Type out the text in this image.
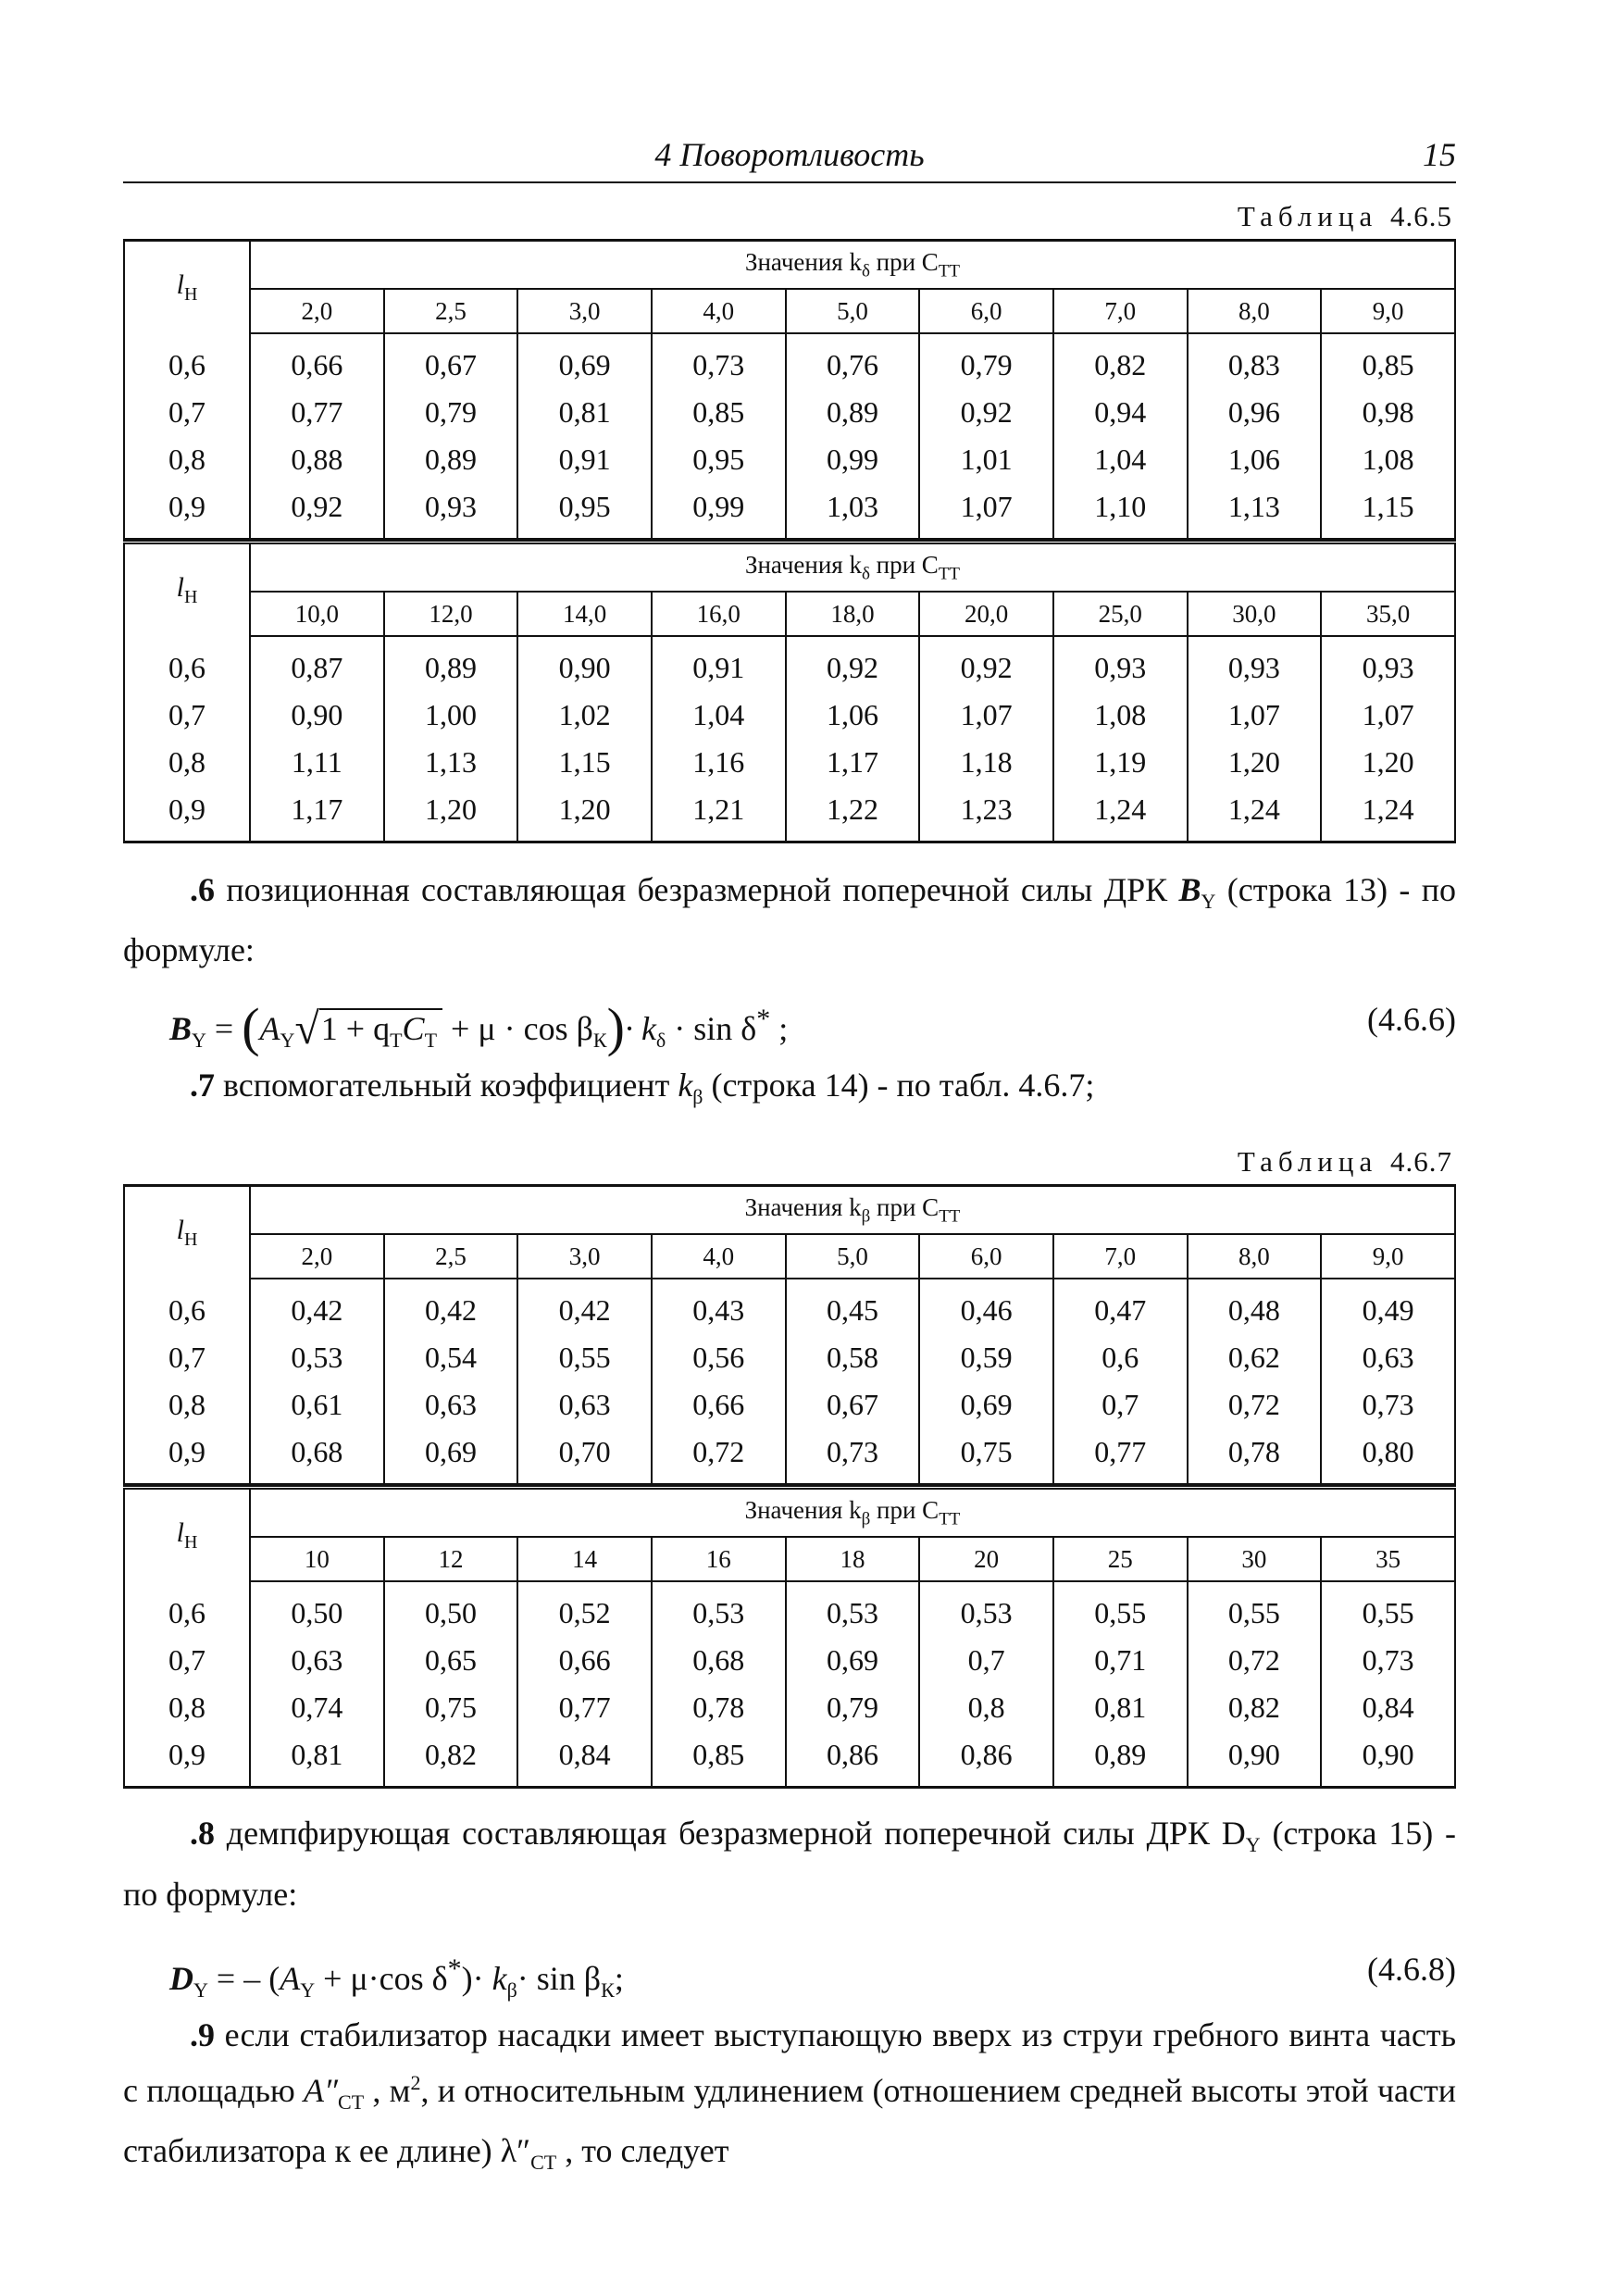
4 Поворотливость	15
Таблица 4.6.5
$l_Н$	Значения $k_\delta$ при $C_{ТТ}$
	2,0	2,5	3,0	4,0	5,0	6,0	7,0	8,0	9,0
0,6	0,66	0,67	0,69	0,73	0,76	0,79	0,82	0,83	0,85
0,7	0,77	0,79	0,81	0,85	0,89	0,92	0,94	0,96	0,98
0,8	0,88	0,89	0,91	0,95	0,99	1,01	1,04	1,06	1,08
0,9	0,92	0,93	0,95	0,99	1,03	1,07	1,10	1,13	1,15

$l_Н$	Значения $k_\delta$ при $C_{ТТ}$
	10,0	12,0	14,0	16,0	18,0	20,0	25,0	30,0	35,0
0,6	0,87	0,89	0,90	0,91	0,92	0,92	0,93	0,93	0,93
0,7	0,90	1,00	1,02	1,04	1,06	1,07	1,08	1,07	1,07
0,8	1,11	1,13	1,15	1,16	1,17	1,18	1,19	1,20	1,20
0,9	1,17	1,20	1,20	1,21	1,22	1,23	1,24	1,24	1,24

.6 позиционная составляющая безразмерной поперечной силы ДРК $B_Y$ (строка 13) - по формуле:

$B_Y = (A_Y√1 + q_ТC_Т + \mu \cdot \cos \beta_К)\cdot k_\delta \cdot \sin \delta^*$ ;	(4.6.6)

.7 вспомогательный коэффициент $k_\beta$ (строка 14) - по табл. 4.6.7;

Таблица 4.6.7
$l_Н$	Значения $k_\beta$ при $C_{ТТ}$
	2,0	2,5	3,0	4,0	5,0	6,0	7,0	8,0	9,0
0,6	0,42	0,42	0,42	0,43	0,45	0,46	0,47	0,48	0,49
0,7	0,53	0,54	0,55	0,56	0,58	0,59	0,6	0,62	0,63
0,8	0,61	0,63	0,63	0,66	0,67	0,69	0,7	0,72	0,73
0,9	0,68	0,69	0,70	0,72	0,73	0,75	0,77	0,78	0,80

$l_Н$	Значения $k_\beta$ при $C_{ТТ}$
	10	12	14	16	18	20	25	30	35
0,6	0,50	0,50	0,52	0,53	0,53	0,53	0,55	0,55	0,55
0,7	0,63	0,65	0,66	0,68	0,69	0,7	0,71	0,72	0,73
0,8	0,74	0,75	0,77	0,78	0,79	0,8	0,81	0,82	0,84
0,9	0,81	0,82	0,84	0,85	0,86	0,86	0,89	0,90	0,90

.8 демпфирующая составляющая безразмерной поперечной силы ДРК $D_Y$ (строка 15) - по формуле:

$D_Y$ = – ($A_Y + \mu\cdot\cos$ $\delta^*)\cdot k_\beta\cdot \sin \beta_К$;	(4.6.8)

.9 если стабилизатор насадки имеет выступающую вверх из струи гребного винта часть с площадью $A''_{СТ}$ , $м^2$, и относительным удлинением (отношением средней высоты этой части стабилизатора к ее длине) $\lambda''_{СТ}$ , то следует
